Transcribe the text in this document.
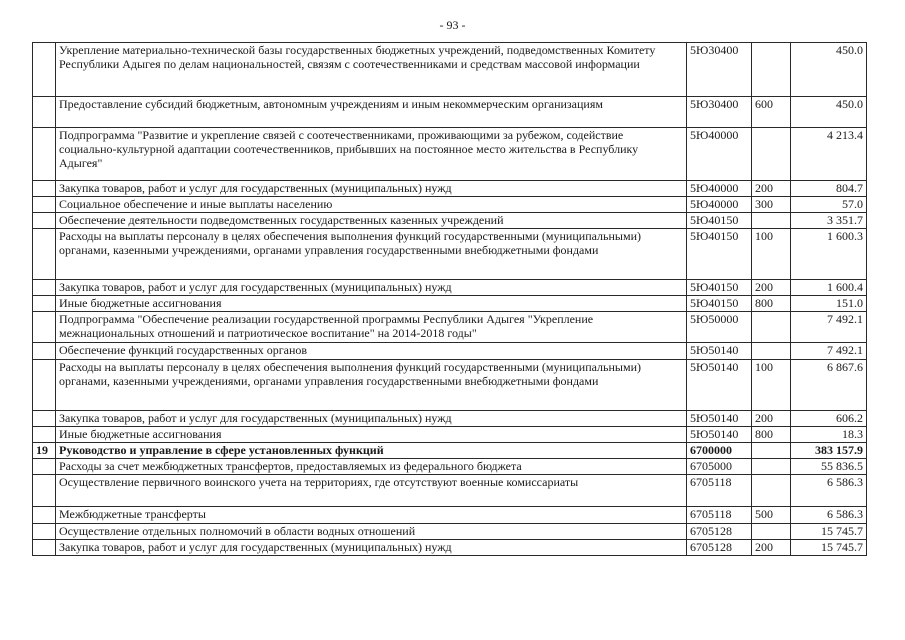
- 93 -
	Укрепление материально-технической базы государственных бюджетных учреждений, подведомственных Комитету Республики Адыгея по делам национальностей, связям с соотечественниками и средствам массовой информации	5Ю30400		450.0
	Предоставление субсидий бюджетным, автономным учреждениям и иным некоммерческим организациям	5Ю30400	600	450.0
	Подпрограмма "Развитие и укрепление связей с соотечественниками, проживающими за рубежом, содействие социально-культурной адаптации соотечественников, прибывших на постоянное место жительства в Республику Адыгея"	5Ю40000		4 213.4
	Закупка товаров, работ и услуг для государственных (муниципальных) нужд	5Ю40000	200	804.7
	Социальное обеспечение и иные выплаты населению	5Ю40000	300	57.0
	Обеспечение деятельности подведомственных государственных казенных учреждений	5Ю40150		3 351.7
	Расходы на выплаты персоналу в целях обеспечения выполнения функций государственными (муниципальными) органами, казенными учреждениями, органами управления государственными внебюджетными фондами	5Ю40150	100	1 600.3
	Закупка товаров, работ и услуг для государственных (муниципальных) нужд	5Ю40150	200	1 600.4
	Иные бюджетные ассигнования	5Ю40150	800	151.0
	Подпрограмма "Обеспечение реализации государственной программы Республики Адыгея "Укрепление межнациональных отношений и патриотическое воспитание" на 2014-2018 годы"	5Ю50000		7 492.1
	Обеспечение функций государственных органов	5Ю50140		7 492.1
	Расходы на выплаты персоналу в целях обеспечения выполнения функций государственными (муниципальными) органами, казенными учреждениями, органами управления государственными внебюджетными фондами	5Ю50140	100	6 867.6
	Закупка товаров, работ и услуг для государственных (муниципальных) нужд	5Ю50140	200	606.2
	Иные бюджетные ассигнования	5Ю50140	800	18.3
19	Руководство и управление в сфере установленных функций	6700000		383 157.9
	Расходы за счет межбюджетных трансфертов, предоставляемых из федерального бюджета	6705000		55 836.5
	Осуществление первичного воинского учета на территориях, где отсутствуют военные комиссариаты	6705118		6 586.3
	Межбюджетные трансферты	6705118	500	6 586.3
	Осуществление отдельных полномочий в области водных отношений	6705128		15 745.7
	Закупка товаров, работ и услуг для государственных (муниципальных) нужд	6705128	200	15 745.7
